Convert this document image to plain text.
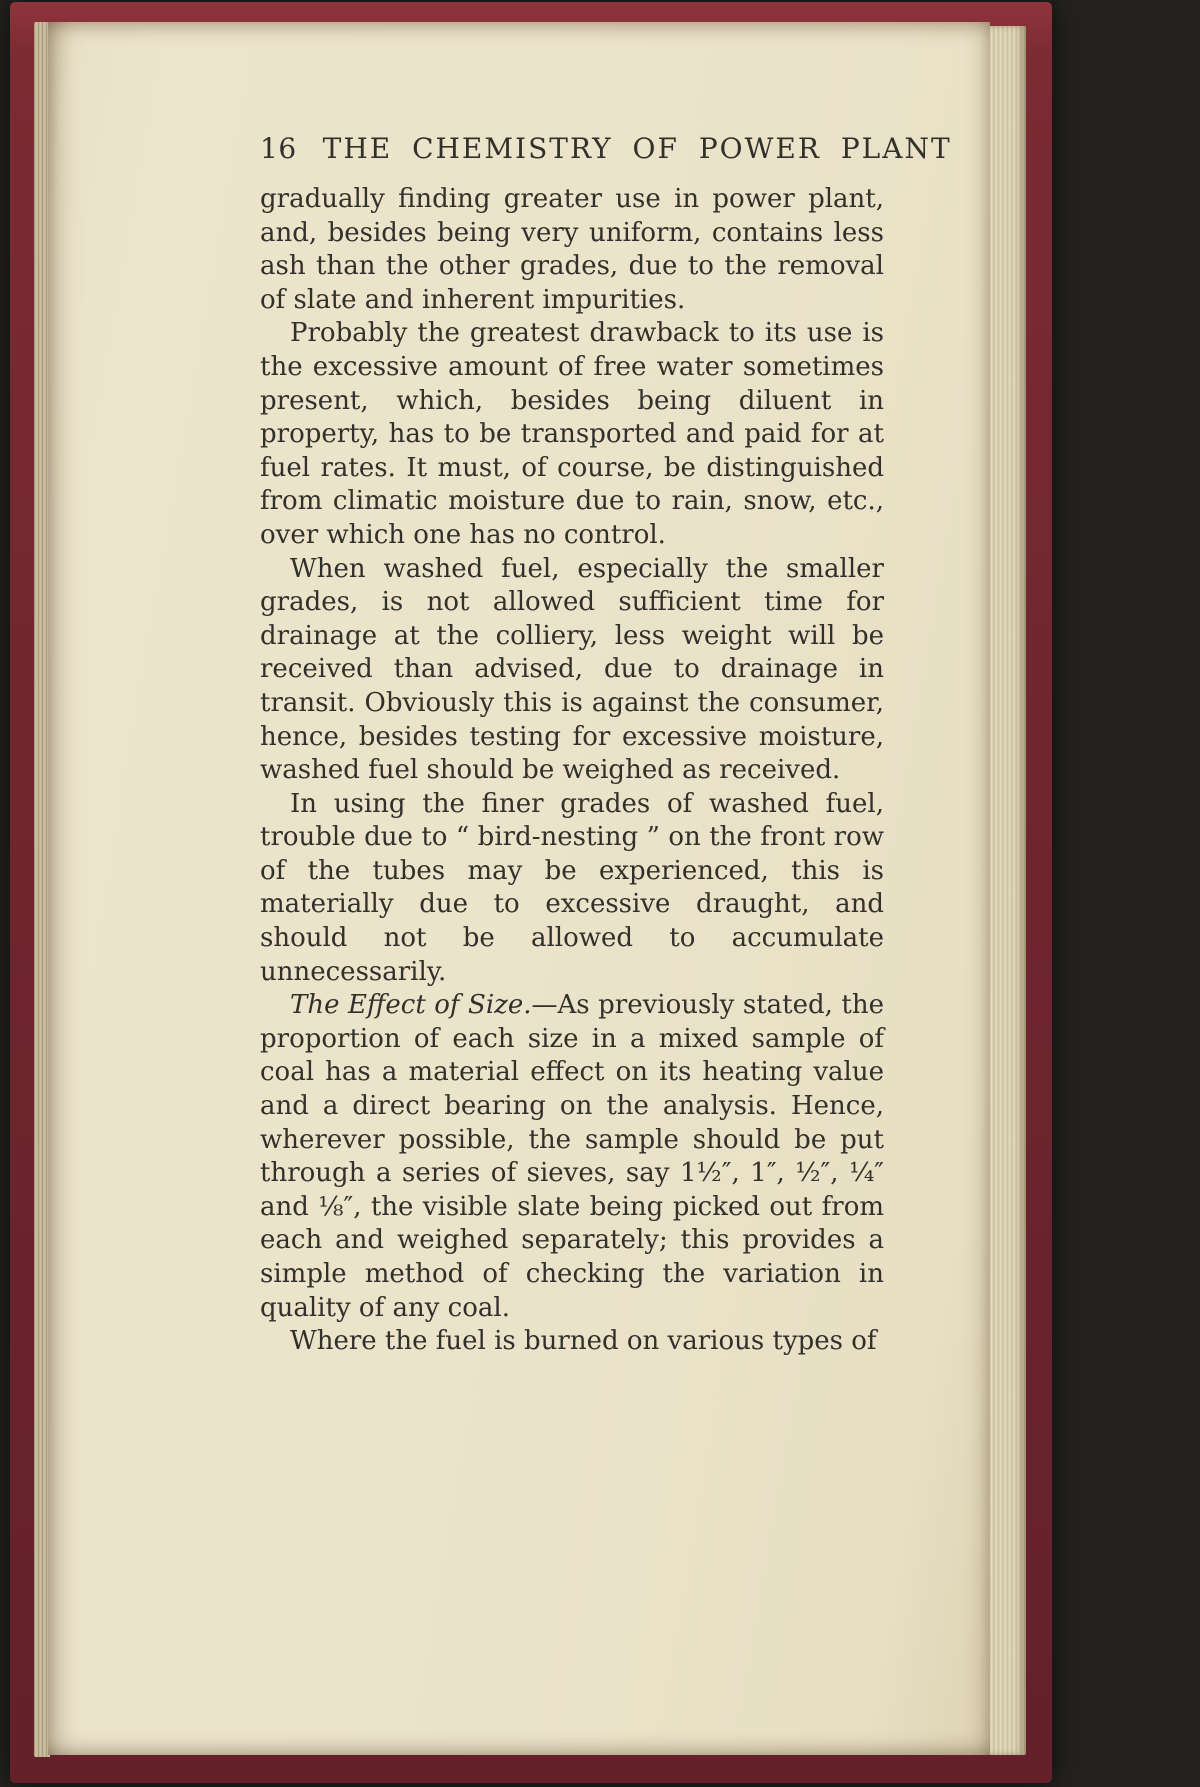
16 THE CHEMISTRY OF POWER PLANT

gradually finding greater use in power plant, and, besides being very uniform, contains less ash than the other grades, due to the removal of slate and inherent impurities.

Probably the greatest drawback to its use is the excessive amount of free water sometimes present, which, besides being diluent in property, has to be transported and paid for at fuel rates. It must, of course, be distinguished from climatic moisture due to rain, snow, etc., over which one has no control.

When washed fuel, especially the smaller grades, is not allowed sufficient time for drainage at the colliery, less weight will be received than advised, due to drainage in transit. Obviously this is against the consumer, hence, besides testing for excessive moisture, washed fuel should be weighed as received.

In using the finer grades of washed fuel, trouble due to “ bird-nesting ” on the front row of the tubes may be experienced, this is materially due to excessive draught, and should not be allowed to accumulate unnecessarily.

The Effect of Size.—As previously stated, the proportion of each size in a mixed sample of coal has a material effect on its heating value and a direct bearing on the analysis. Hence, wherever possible, the sample should be put through a series of sieves, say 1½″, 1″, ½″, ¼″ and ⅛″, the visible slate being picked out from each and weighed separately; this provides a simple method of checking the variation in quality of any coal.

Where the fuel is burned on various types of
